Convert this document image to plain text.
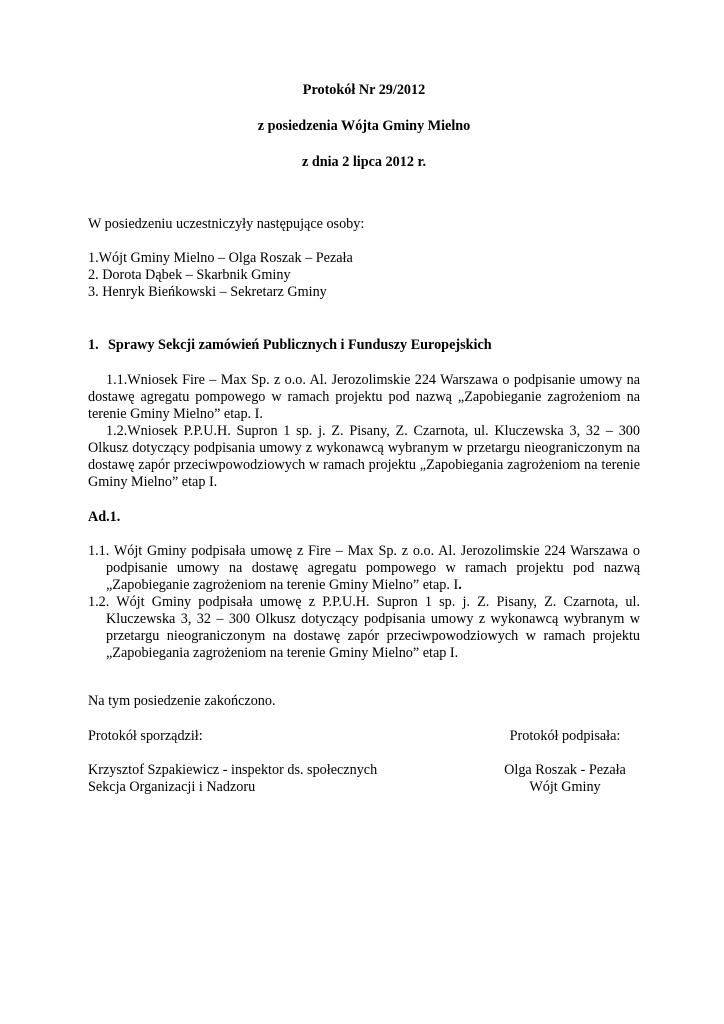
Protokół Nr 29/2012

z posiedzenia Wójta Gminy Mielno

z dnia 2 lipca 2012 r.

W posiedzeniu uczestniczyły następujące osoby:

1.Wójt Gminy Mielno – Olga Roszak – Pezała

2. Dorota Dąbek – Skarbnik Gminy

3. Henryk Bieńkowski – Sekretarz Gminy

1. Sprawy Sekcji zamówień Publicznych i Funduszy Europejskich

1.1.Wniosek Fire – Max Sp. z o.o. Al. Jerozolimskie 224 Warszawa o podpisanie umowy na dostawę agregatu pompowego w ramach projektu pod nazwą „Zapobieganie zagrożeniom na terenie Gminy Mielno” etap. I.

1.2.Wniosek P.P.U.H. Supron 1 sp. j. Z. Pisany, Z. Czarnota, ul. Kluczewska 3, 32 – 300 Olkusz dotyczący podpisania umowy z wykonawcą wybranym w przetargu nieograniczonym na dostawę zapór przeciwpowodziowych w ramach projektu „Zapobiegania zagrożeniom na terenie Gminy Mielno” etap I.

Ad.1.

1.1. Wójt Gminy podpisała umowę z Fire – Max Sp. z o.o. Al. Jerozolimskie 224 Warszawa o podpisanie umowy na dostawę agregatu pompowego w ramach projektu pod nazwą „Zapobieganie zagrożeniom na terenie Gminy Mielno” etap. I.

1.2. Wójt Gminy podpisała umowę z P.P.U.H. Supron 1 sp. j. Z. Pisany, Z. Czarnota, ul. Kluczewska 3, 32 – 300 Olkusz dotyczący podpisania umowy z wykonawcą wybranym w przetargu nieograniczonym na dostawę zapór przeciwpowodziowych w ramach projektu „Zapobiegania zagrożeniom na terenie Gminy Mielno” etap I.

Na tym posiedzenie zakończono.

Protokół sporządził:	Protokół podpisała:

Krzysztof Szpakiewicz - inspektor ds. społecznych

Sekcja Organizacji i Nadzoru

Olga Roszak - Pezała

Wójt Gminy
